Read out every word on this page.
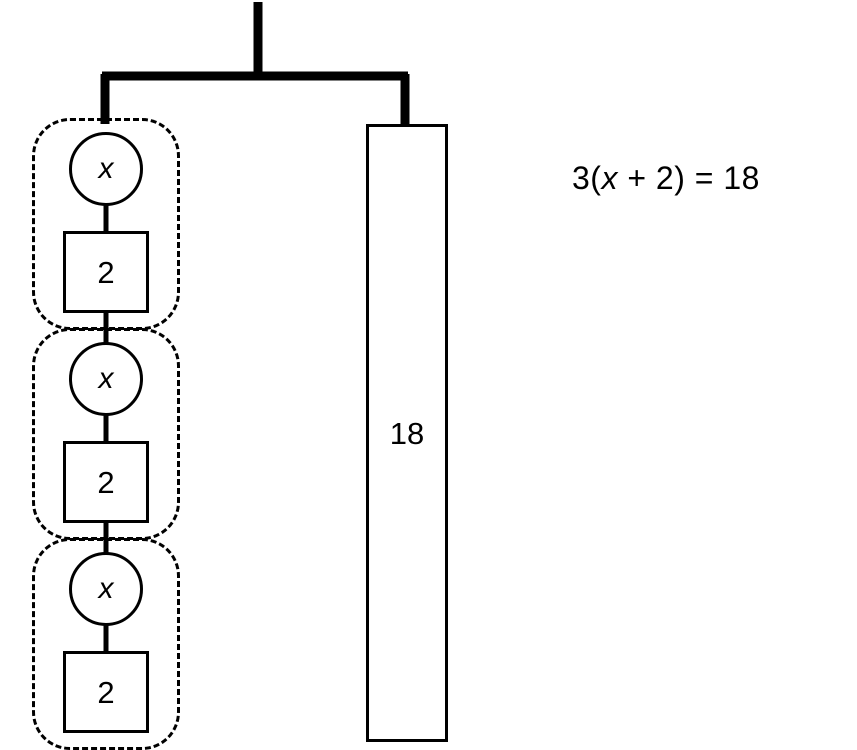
x
x
x
2
2
2
18
3(x + 2) = 18
